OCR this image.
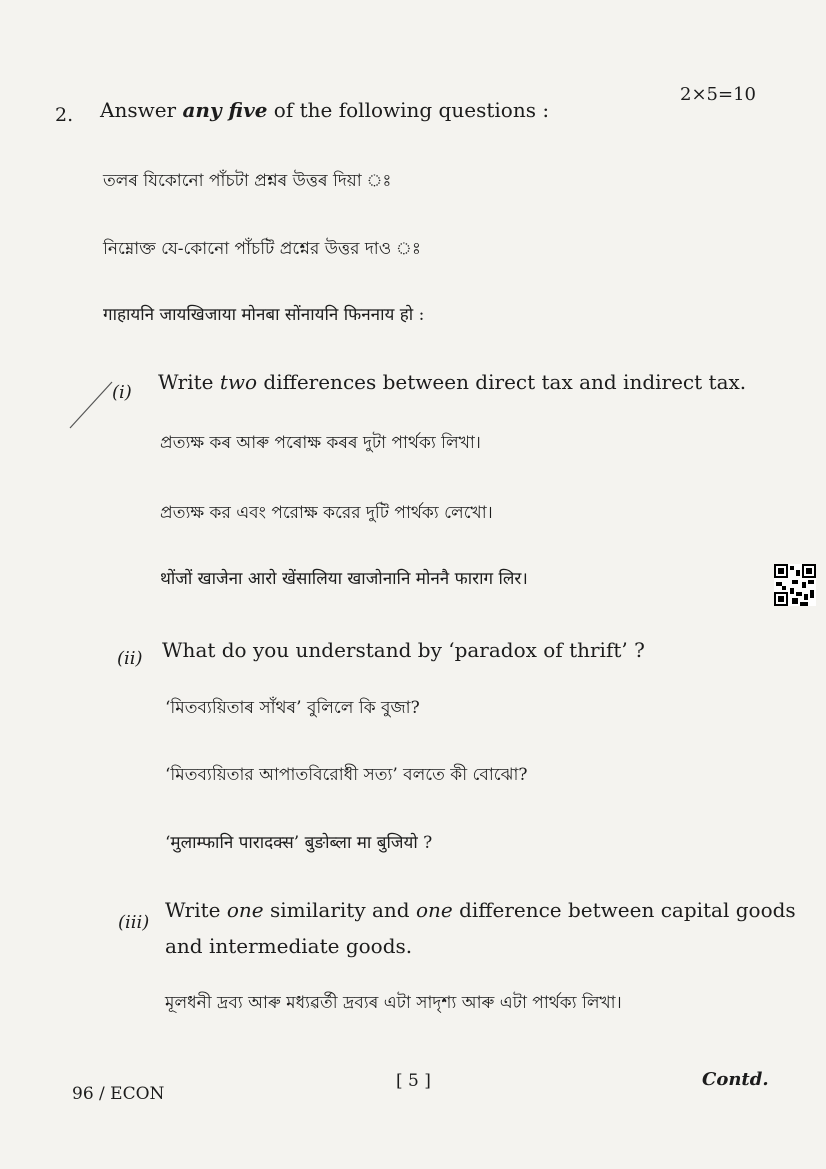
2. Answer any five of the following questions :
2×5=10
তলৰ যিকোনো পাঁচটা প্ৰশ্নৰ উত্তৰ দিয়া ঃ
নিম্নোক্ত যে-কোনো পাঁচটি প্রশ্নের উত্তর দাও ঃ
गाहायनि जायखिजाया मोनबा सोंनायनि फिननाय हो :
(i) Write two differences between direct tax and indirect tax.
প্ৰত্যক্ষ কৰ আৰু পৰোক্ষ কৰৰ দুটা পাৰ্থক্য লিখা।
প্রত্যক্ষ কর এবং পরোক্ষ করের দুটি পার্থক্য লেখো।
थोंजों खाजेना आरो खेंसालिया खाजोनानि मोननै फाराग लिर।
(ii) What do you understand by ‘paradox of thrift’ ?
‘মিতব্যয়িতাৰ সাঁথৰ’ বুলিলে কি বুজা?
‘মিতব্যয়িতার আপাতবিরোধী সত্য’ বলতে কী বোঝো?
‘मुलाम्फानि पारादक्स’ बुङोब्ला मा बुजियो ?
(iii)
Write one similarity and one difference between capital goods
and intermediate goods.
মূলধনী দ্ৰব্য আৰু মধ্যৱৰ্তী দ্ৰব্যৰ এটা সাদৃশ্য আৰু এটা পাৰ্থক্য লিখা।
96 / ECON
[ 5 ]	Contd.
